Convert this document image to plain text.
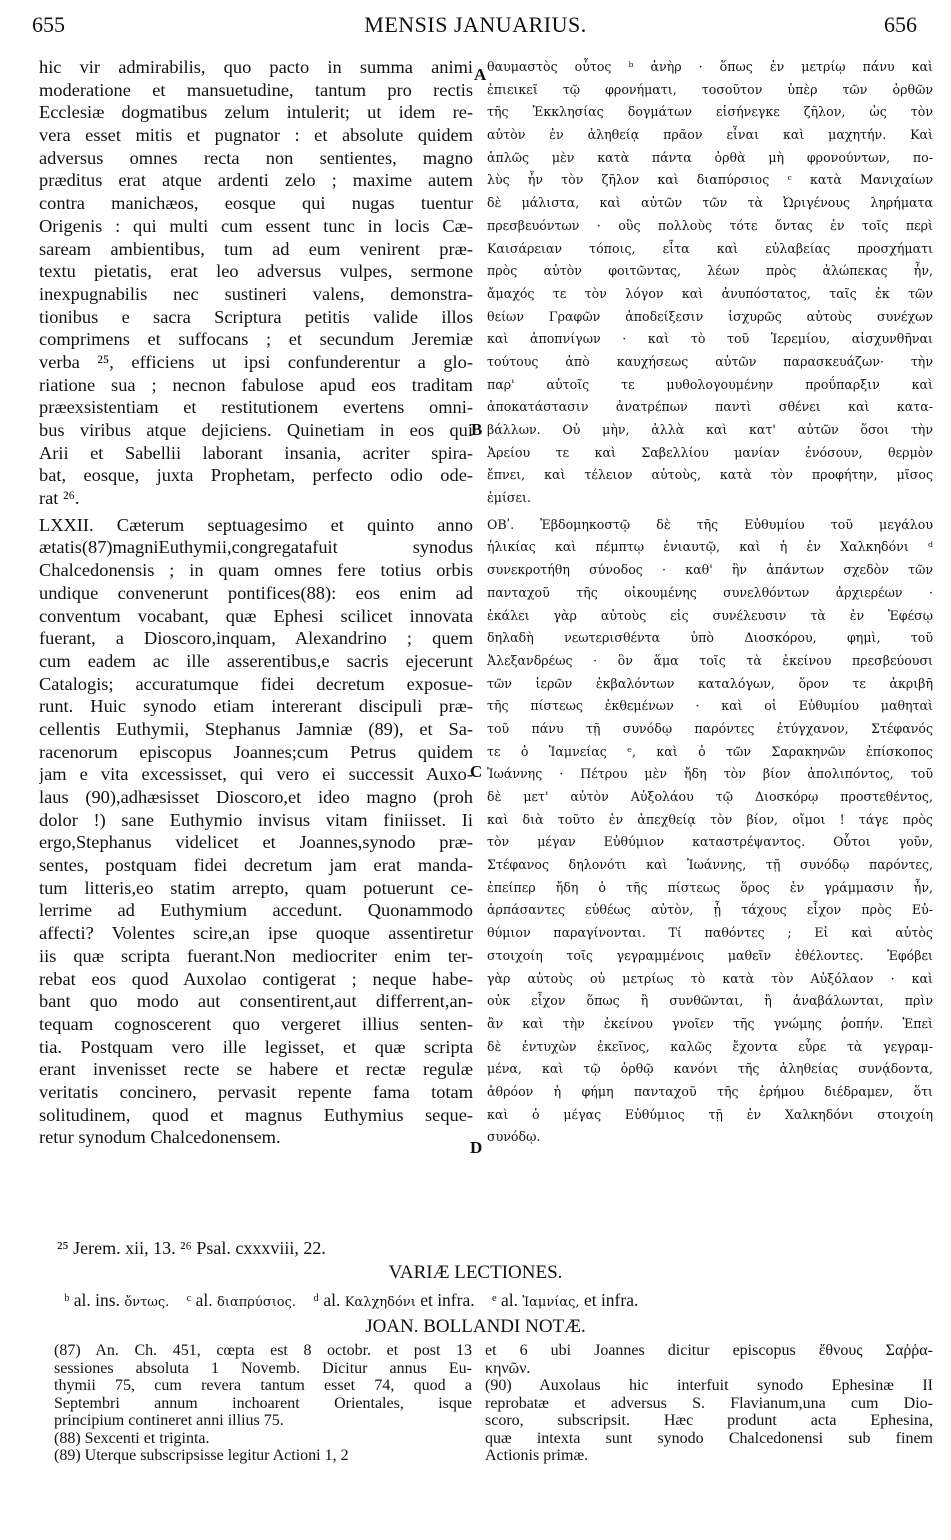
655	MENSIS JANUARIUS.	656
hic vir admirabilis, quo pacto in summa animi
moderatione et mansuetudine, tantum pro rectis
Ecclesiæ dogmatibus zelum intulerit; ut idem re-
vera esset mitis et pugnator : et absolute quidem
adversus omnes recta non sentientes, magno
præditus erat atque ardenti zelo ; maxime autem
contra manichæos, eosque qui nugas tuentur
Origenis : qui multi cum essent tunc in locis Cæ-
saream ambientibus, tum ad eum venirent præ-
textu pietatis, erat leo adversus vulpes, sermone
inexpugnabilis nec sustineri valens, demonstra-
tionibus e sacra Scriptura petitis valide illos
comprimens et suffocans ; et secundum Jeremiæ
verba ²⁵, efficiens ut ipsi confunderentur a glo-
riatione sua ; necnon fabulose apud eos traditam
præexsistentiam et restitutionem evertens omni-
bus viribus atque dejiciens. Quinetiam in eos qui
Arii et Sabellii laborant insania, acriter spira-
bat, eosque, juxta Prophetam, perfecto odio ode-
rat ²⁶.
LXXII. Cæterum septuagesimo et quinto anno
ætatis(87)magniEuthymii,congregatafuit synodus
Chalcedonensis ; in quam omnes fere totius orbis
undique convenerunt pontifices(88): eos enim ad
conventum vocabant, quæ Ephesi scilicet innovata
fuerant, a Dioscoro,inquam, Alexandrino ; quem
cum eadem ac ille asserentibus,e sacris ejecerunt
Catalogis; accuratumque fidei decretum exposue-
runt. Huic synodo etiam intererant discipuli præ-
cellentis Euthymii, Stephanus Jamniæ (89), et Sa-
racenorum episcopus Joannes;cum Petrus quidem
jam e vita excessisset, qui vero ei successit Auxo-
laus (90),adhæsisset Dioscoro,et ideo magno (proh
dolor !) sane Euthymio invisus vitam finiisset. Ii
ergo,Stephanus videlicet et Joannes,synodo præ-
sentes, postquam fidei decretum jam erat manda-
tum litteris,eo statim arrepto, quam potuerunt ce-
lerrime ad Euthymium accedunt. Quonammodo
affecti? Volentes scire,an ipse quoque assentiretur
iis quæ scripta fuerant.Non mediocriter enim ter-
rebat eos quod Auxolao contigerat ; neque habe-
bant quo modo aut consentirent,aut differrent,an-
tequam cognoscerent quo vergeret illius senten-
tia. Postquam vero ille legisset, et quæ scripta
erant invenisset recte se habere et rectæ regulæ
veritatis concinero, pervasit repente fama totam
solitudinem, quod et magnus Euthymius seque-
retur synodum Chalcedonensem.
θαυμαστὸς οὗτος ᵇ ἀνὴρ · ὅπως ἐν μετρίῳ πάνυ καὶ
ἐπιεικεῖ τῷ φρονήματι, τοσοῦτον ὑπὲρ τῶν ὀρθῶν
τῆς Ἐκκλησίας δογμάτων εἰσήνεγκε ζῆλον, ὡς τὸν
αὐτὸν ἐν ἀληθείᾳ πρᾶον εἶναι καὶ μαχητήν. Καὶ
ἁπλῶς μὲν κατὰ πάντα ὀρθὰ μὴ φρονούντων, πο-
λὺς ἦν τὸν ζῆλον καὶ διαπύρσιος ᶜ κατὰ Μανιχαίων
δὲ μάλιστα, καὶ αὐτῶν τῶν τὰ Ὠριγένους ληρήματα
πρεσβευόντων · οὓς πολλοὺς τότε ὄντας ἐν τοῖς περὶ
Καισάρειαν τόποις, εἶτα καὶ εὐλαβείας προσχήματι
πρὸς αὐτὸν φοιτῶντας, λέων πρὸς ἀλώπεκας ἦν,
ἄμαχός τε τὸν λόγον καὶ ἀνυπόστατος, ταῖς ἐκ τῶν
θείων Γραφῶν ἀποδείξεσιν ἰσχυρῶς αὐτοὺς συνέχων
καὶ ἀποπνίγων · καὶ τὸ τοῦ Ἱερεμίου, αἰσχυνθῆναι
τούτους ἀπὸ καυχήσεως αὐτῶν παρασκευάζων· τὴν
παρ' αὐτοῖς τε μυθολογουμένην προΰπαρξιν καὶ
ἀποκατάστασιν ἀνατρέπων παντὶ σθένει καὶ κατα-
βάλλων. Οὐ μὴν, ἀλλὰ καὶ κατ' αὐτῶν ὅσοι τὴν
Ἀρείου τε καὶ Σαβελλίου μανίαν ἐνόσουν, θερμὸν
ἔπνει, καὶ τέλειον αὐτοὺς, κατὰ τὸν προφήτην, μῖσος
ἐμίσει.
ΟΒʹ. Ἑβδομηκοστῷ δὲ τῆς Εὐθυμίου τοῦ μεγάλου
ἡλικίας καὶ πέμπτῳ ἐνιαυτῷ, καὶ ἡ ἐν Χαλκηδόνι ᵈ
συνεκροτήθη σύνοδος · καθ' ἣν ἁπάντων σχεδὸν τῶν
πανταχοῦ τῆς οἰκουμένης συνελθόντων ἀρχιερέων ·
ἐκάλει γὰρ αὐτοὺς εἰς συνέλευσιν τὰ ἐν Ἐφέσῳ
δηλαδὴ νεωτερισθέντα ὑπὸ Διοσκόρου, φημὶ, τοῦ
Ἀλεξανδρέως · ὃν ἅμα τοῖς τὰ ἐκείνου πρεσβεύουσι
τῶν ἱερῶν ἐκβαλόντων καταλόγων, ὅρον τε ἀκριβῆ
τῆς πίστεως ἐκθεμένων · καὶ οἱ Εὐθυμίου μαθηταὶ
τοῦ πάνυ τῇ συνόδῳ παρόντες ἐτύγχανον, Στέφανός
τε ὁ Ἰαμνείας ᵉ, καὶ ὁ τῶν Σαρακηνῶν ἐπίσκοπος
Ἰωάννης · Πέτρου μὲν ἤδη τὸν βίον ἀπολιπόντος, τοῦ
δὲ μετ' αὐτὸν Αὐξολάου τῷ Διοσκόρῳ προστεθέντος,
καὶ διὰ τοῦτο ἐν ἀπεχθείᾳ τὸν βίον, οἴμοι ! τάγε πρὸς
τὸν μέγαν Εὐθύμιον καταστρέψαντος. Οὗτοι γοῦν,
Στέφανος δηλονότι καὶ Ἰωάννης, τῇ συνόδῳ παρόντες,
ἐπείπερ ἤδη ὁ τῆς πίστεως ὅρος ἐν γράμμασιν ἦν,
ἁρπάσαντες εὐθέως αὐτὸν, ᾗ τάχους εἶχον πρὸς Εὐ-
θύμιον παραγίνονται. Τί παθόντες ; Εἰ καὶ αὐτὸς
στοιχοίη τοῖς γεγραμμένοις μαθεῖν ἐθέλοντες. Ἐφόβει
γὰρ αὐτοὺς οὐ μετρίως τὸ κατὰ τὸν Αὐξόλαον · καὶ
οὐκ εἶχον ὅπως ἢ συνθῶνται, ἢ ἀναβάλωνται, πρὶν
ἂν καὶ τὴν ἐκείνου γνοῖεν τῆς γνώμης ῥοπήν. Ἐπεὶ
δὲ ἐντυχὼν ἐκεῖνος, καλῶς ἔχοντα εὗρε τὰ γεγραμ-
μένα, καὶ τῷ ὀρθῷ κανόνι τῆς ἀληθείας συνᾴδοντα,
ἀθρόον ἡ φήμη πανταχοῦ τῆς ἐρήμου διέδραμεν, ὅτι
καὶ ὁ μέγας Εὐθύμιος τῇ ἐν Χαλκηδόνι στοιχοίη
συνόδῳ.
A
B
C
D
²⁵ Jerem. xii, 13. ²⁶ Psal. cxxxviii, 22.
VARIÆ LECTIONES.
ᵇ al. ins. ὄντως. ᶜ al. διαπρύσιος. ᵈ al. Καλχηδόνι et infra. ᵉ al. Ἰαμνίας, et infra.
JOAN. BOLLANDI NOTÆ.
(87) An. Ch. 451, cœpta est 8 octobr. et post 13
sessiones absoluta 1 Novemb. Dicitur annus Eu-
thymii 75, cum revera tantum esset 74, quod a
Septembri annum inchoarent Orientales, isque
principium contineret anni illius 75.
(88) Sexcenti et triginta.
(89) Uterque subscripsisse legitur Actioni 1, 2
et 6 ubi Joannes dicitur episcopus ἔθνους Σαῤῥα-
κηνῶν.
(90) Auxolaus hic interfuit synodo Ephesinæ II
reprobatæ et adversus S. Flavianum,una cum Dio-
scoro, subscripsit. Hæc produnt acta Ephesina,
quæ intexta sunt synodo Chalcedonensi sub finem
Actionis primæ.
